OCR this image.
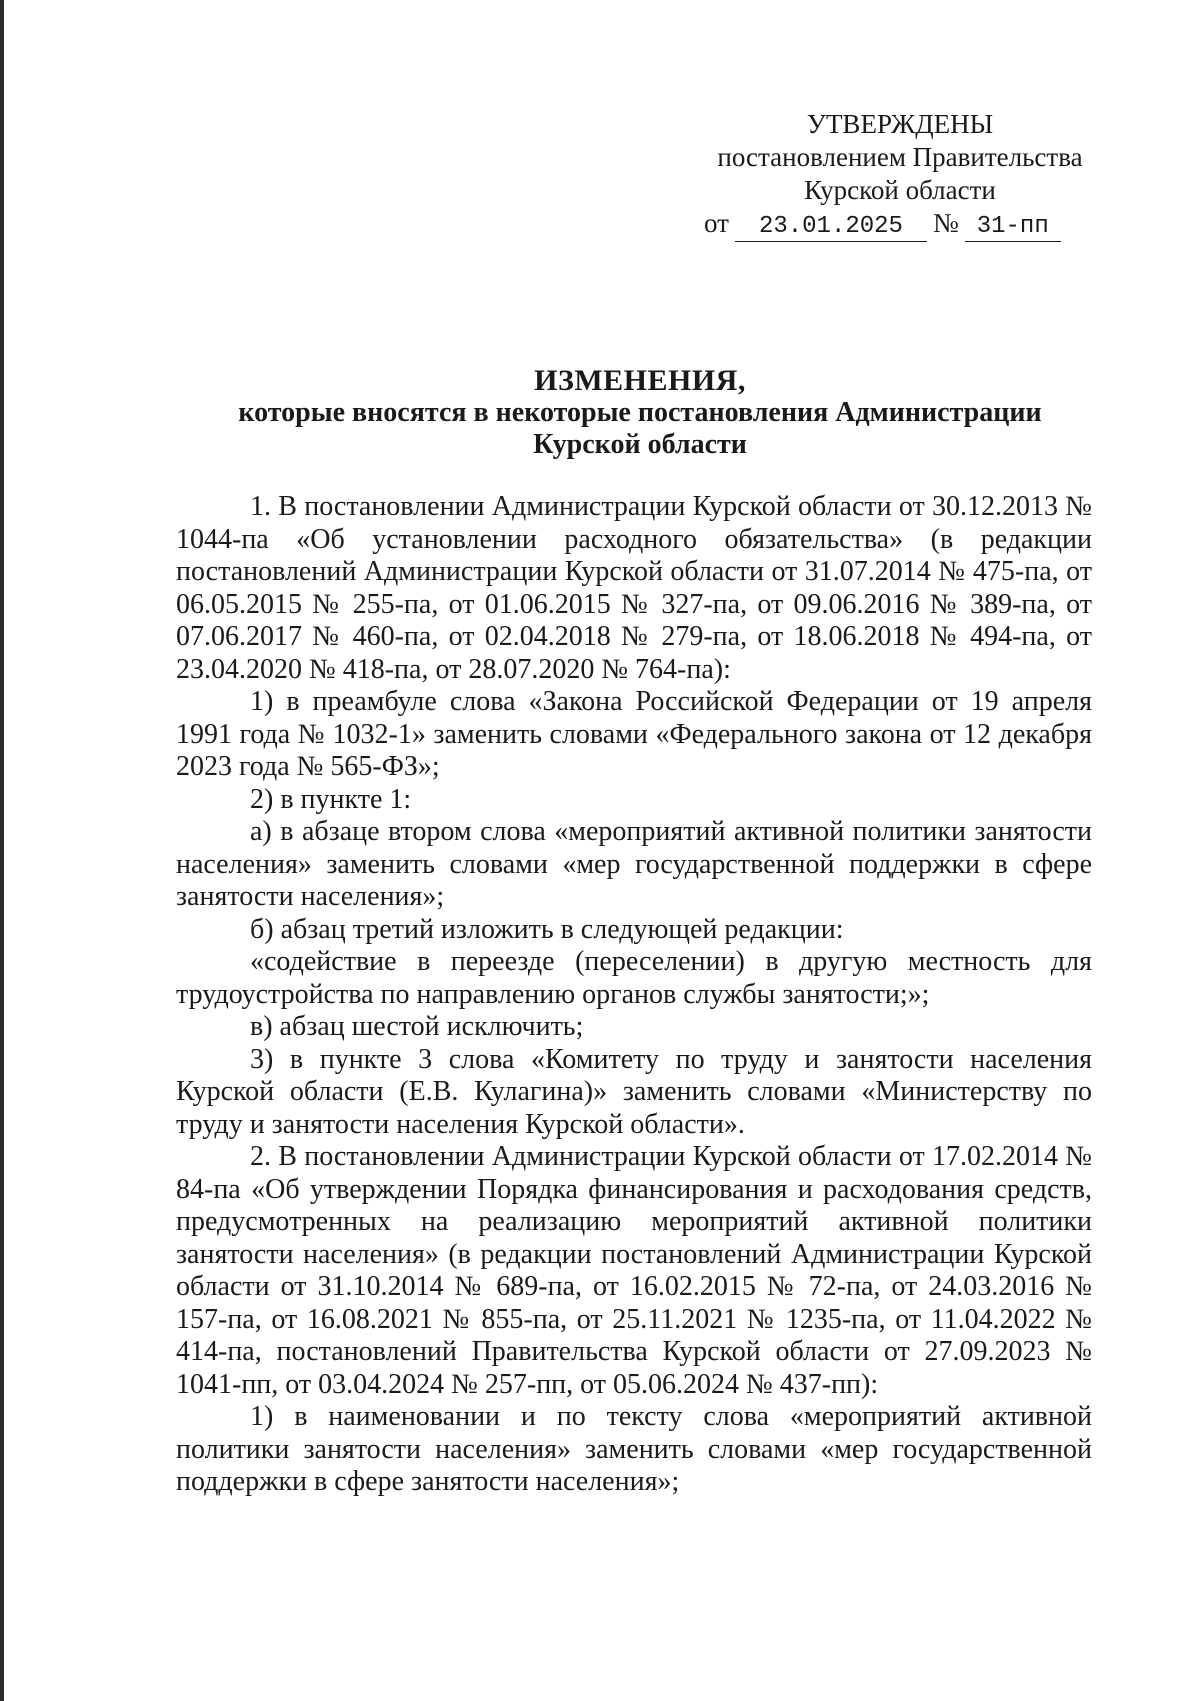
УТВЕРЖДЕНЫ
постановлением Правительства
Курской области
от 23.01.2025 № 31-пп
ИЗМЕНЕНИЯ,
которые вносятся в некоторые постановления Администрации
Курской области

1. В постановлении Администрации Курской области от 30.12.2013 № 1044-па «Об установлении расходного обязательства» (в редакции постановлений Администрации Курской области от 31.07.2014 № 475-па, от 06.05.2015 № 255-па, от 01.06.2015 № 327-па, от 09.06.2016 № 389-па, от 07.06.2017 № 460-па, от 02.04.2018 № 279-па, от 18.06.2018 № 494-па, от 23.04.2020 № 418-па, от 28.07.2020 № 764-па):

1) в преамбуле слова «Закона Российской Федерации от 19 апреля 1991 года № 1032-1» заменить словами «Федерального закона от 12 декабря 2023 года № 565-ФЗ»;

2) в пункте 1:

а) в абзаце втором слова «мероприятий активной политики занятости населения» заменить словами «мер государственной поддержки в сфере занятости населения»;

б) абзац третий изложить в следующей редакции:

«содействие в переезде (переселении) в другую местность для трудоустройства по направлению органов службы занятости;»;

в) абзац шестой исключить;

3) в пункте 3 слова «Комитету по труду и занятости населения Курской области (Е.В. Кулагина)» заменить словами «Министерству по труду и занятости населения Курской области».

2. В постановлении Администрации Курской области от 17.02.2014 № 84-па «Об утверждении Порядка финансирования и расходования средств, предусмотренных на реализацию мероприятий активной политики занятости населения» (в редакции постановлений Администрации Курской области от 31.10.2014 № 689-па, от 16.02.2015 № 72-па, от 24.03.2016 № 157-па, от 16.08.2021 № 855-па, от 25.11.2021 № 1235-па, от 11.04.2022 № 414-па, постановлений Правительства Курской области от 27.09.2023 № 1041-пп, от 03.04.2024 № 257-пп, от 05.06.2024 № 437-пп):

1) в наименовании и по тексту слова «мероприятий активной политики занятости населения» заменить словами «мер государственной поддержки в сфере занятости населения»;
